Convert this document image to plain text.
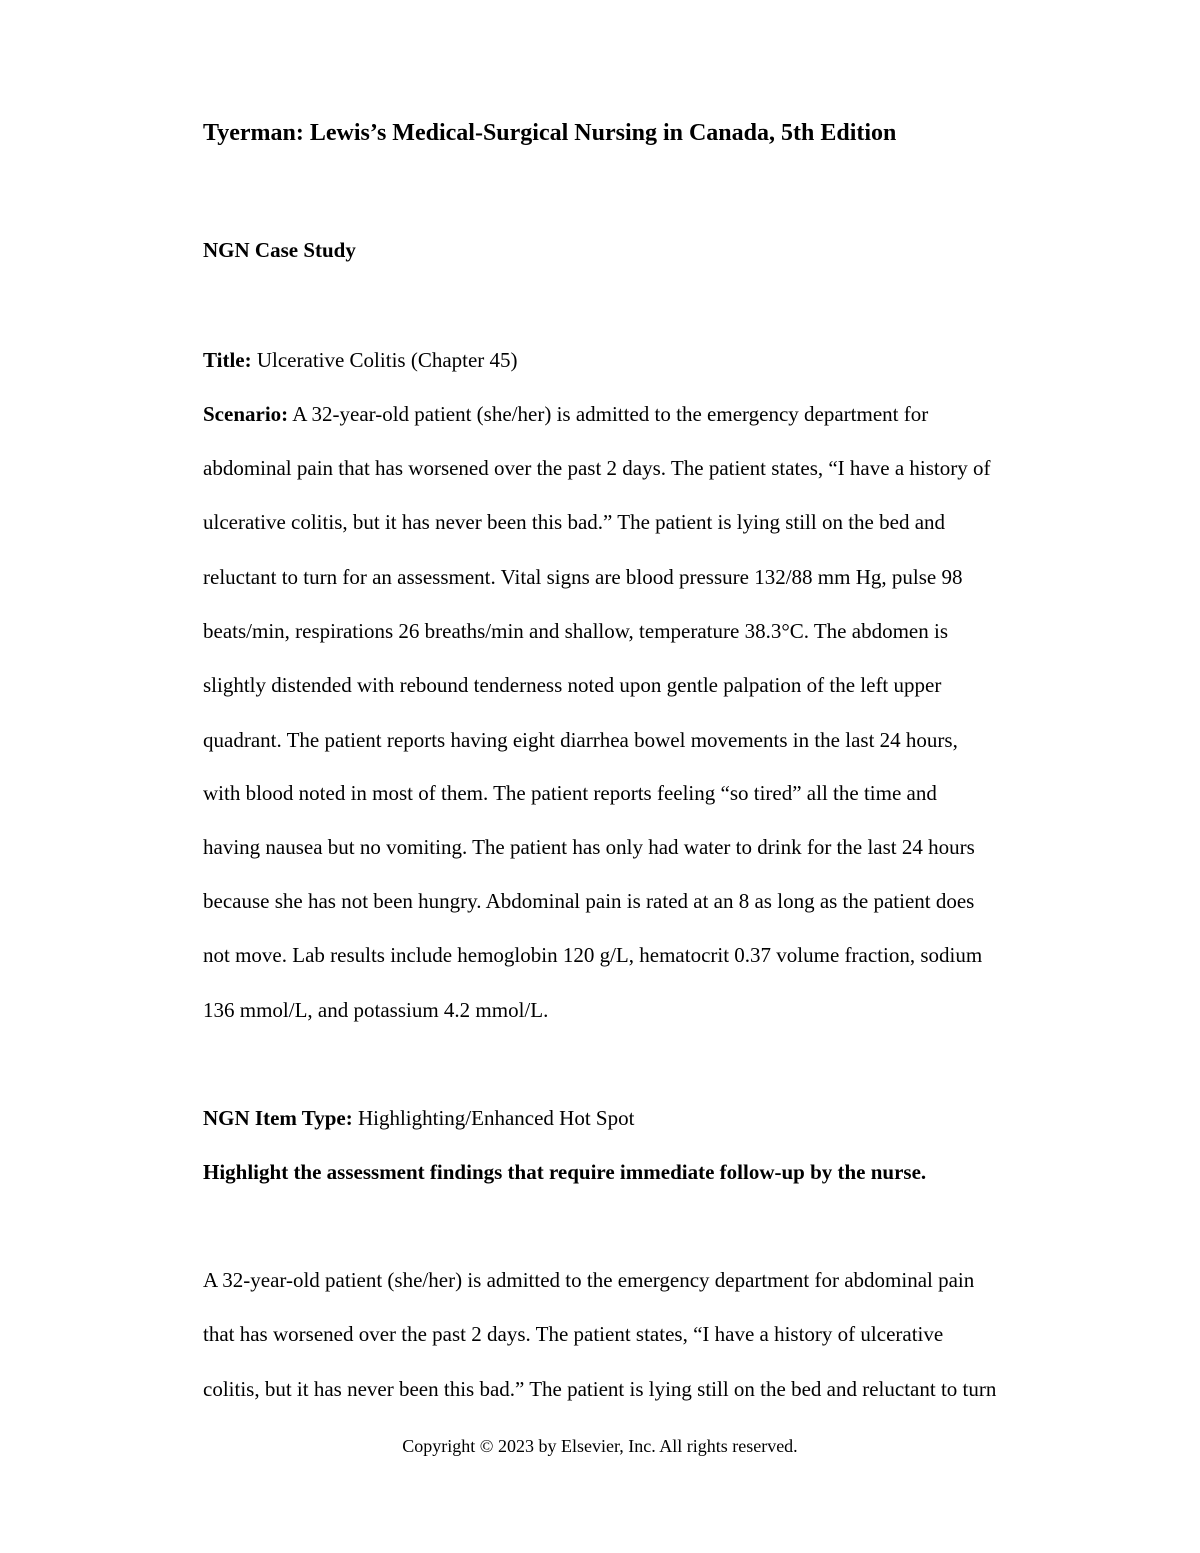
Tyerman: Lewis’s Medical-Surgical Nursing in Canada, 5th Edition

NGN Case Study

Title: Ulcerative Colitis (Chapter 45)

Scenario: A 32-year-old patient (she/her) is admitted to the emergency department for

abdominal pain that has worsened over the past 2 days. The patient states, “I have a history of

ulcerative colitis, but it has never been this bad.” The patient is lying still on the bed and

reluctant to turn for an assessment. Vital signs are blood pressure 132/88 mm Hg, pulse 98

beats/min, respirations 26 breaths/min and shallow, temperature 38.3°C. The abdomen is

slightly distended with rebound tenderness noted upon gentle palpation of the left upper

quadrant. The patient reports having eight diarrhea bowel movements in the last 24 hours,

with blood noted in most of them. The patient reports feeling “so tired” all the time and

having nausea but no vomiting. The patient has only had water to drink for the last 24 hours

because she has not been hungry. Abdominal pain is rated at an 8 as long as the patient does

not move. Lab results include hemoglobin 120 g/L, hematocrit 0.37 volume fraction, sodium

136 mmol/L, and potassium 4.2 mmol/L.

NGN Item Type: Highlighting/Enhanced Hot Spot

Highlight the assessment findings that require immediate follow-up by the nurse.

A 32-year-old patient (she/her) is admitted to the emergency department for abdominal pain

that has worsened over the past 2 days. The patient states, “I have a history of ulcerative

colitis, but it has never been this bad.” The patient is lying still on the bed and reluctant to turn

Copyright © 2023 by Elsevier, Inc. All rights reserved.
